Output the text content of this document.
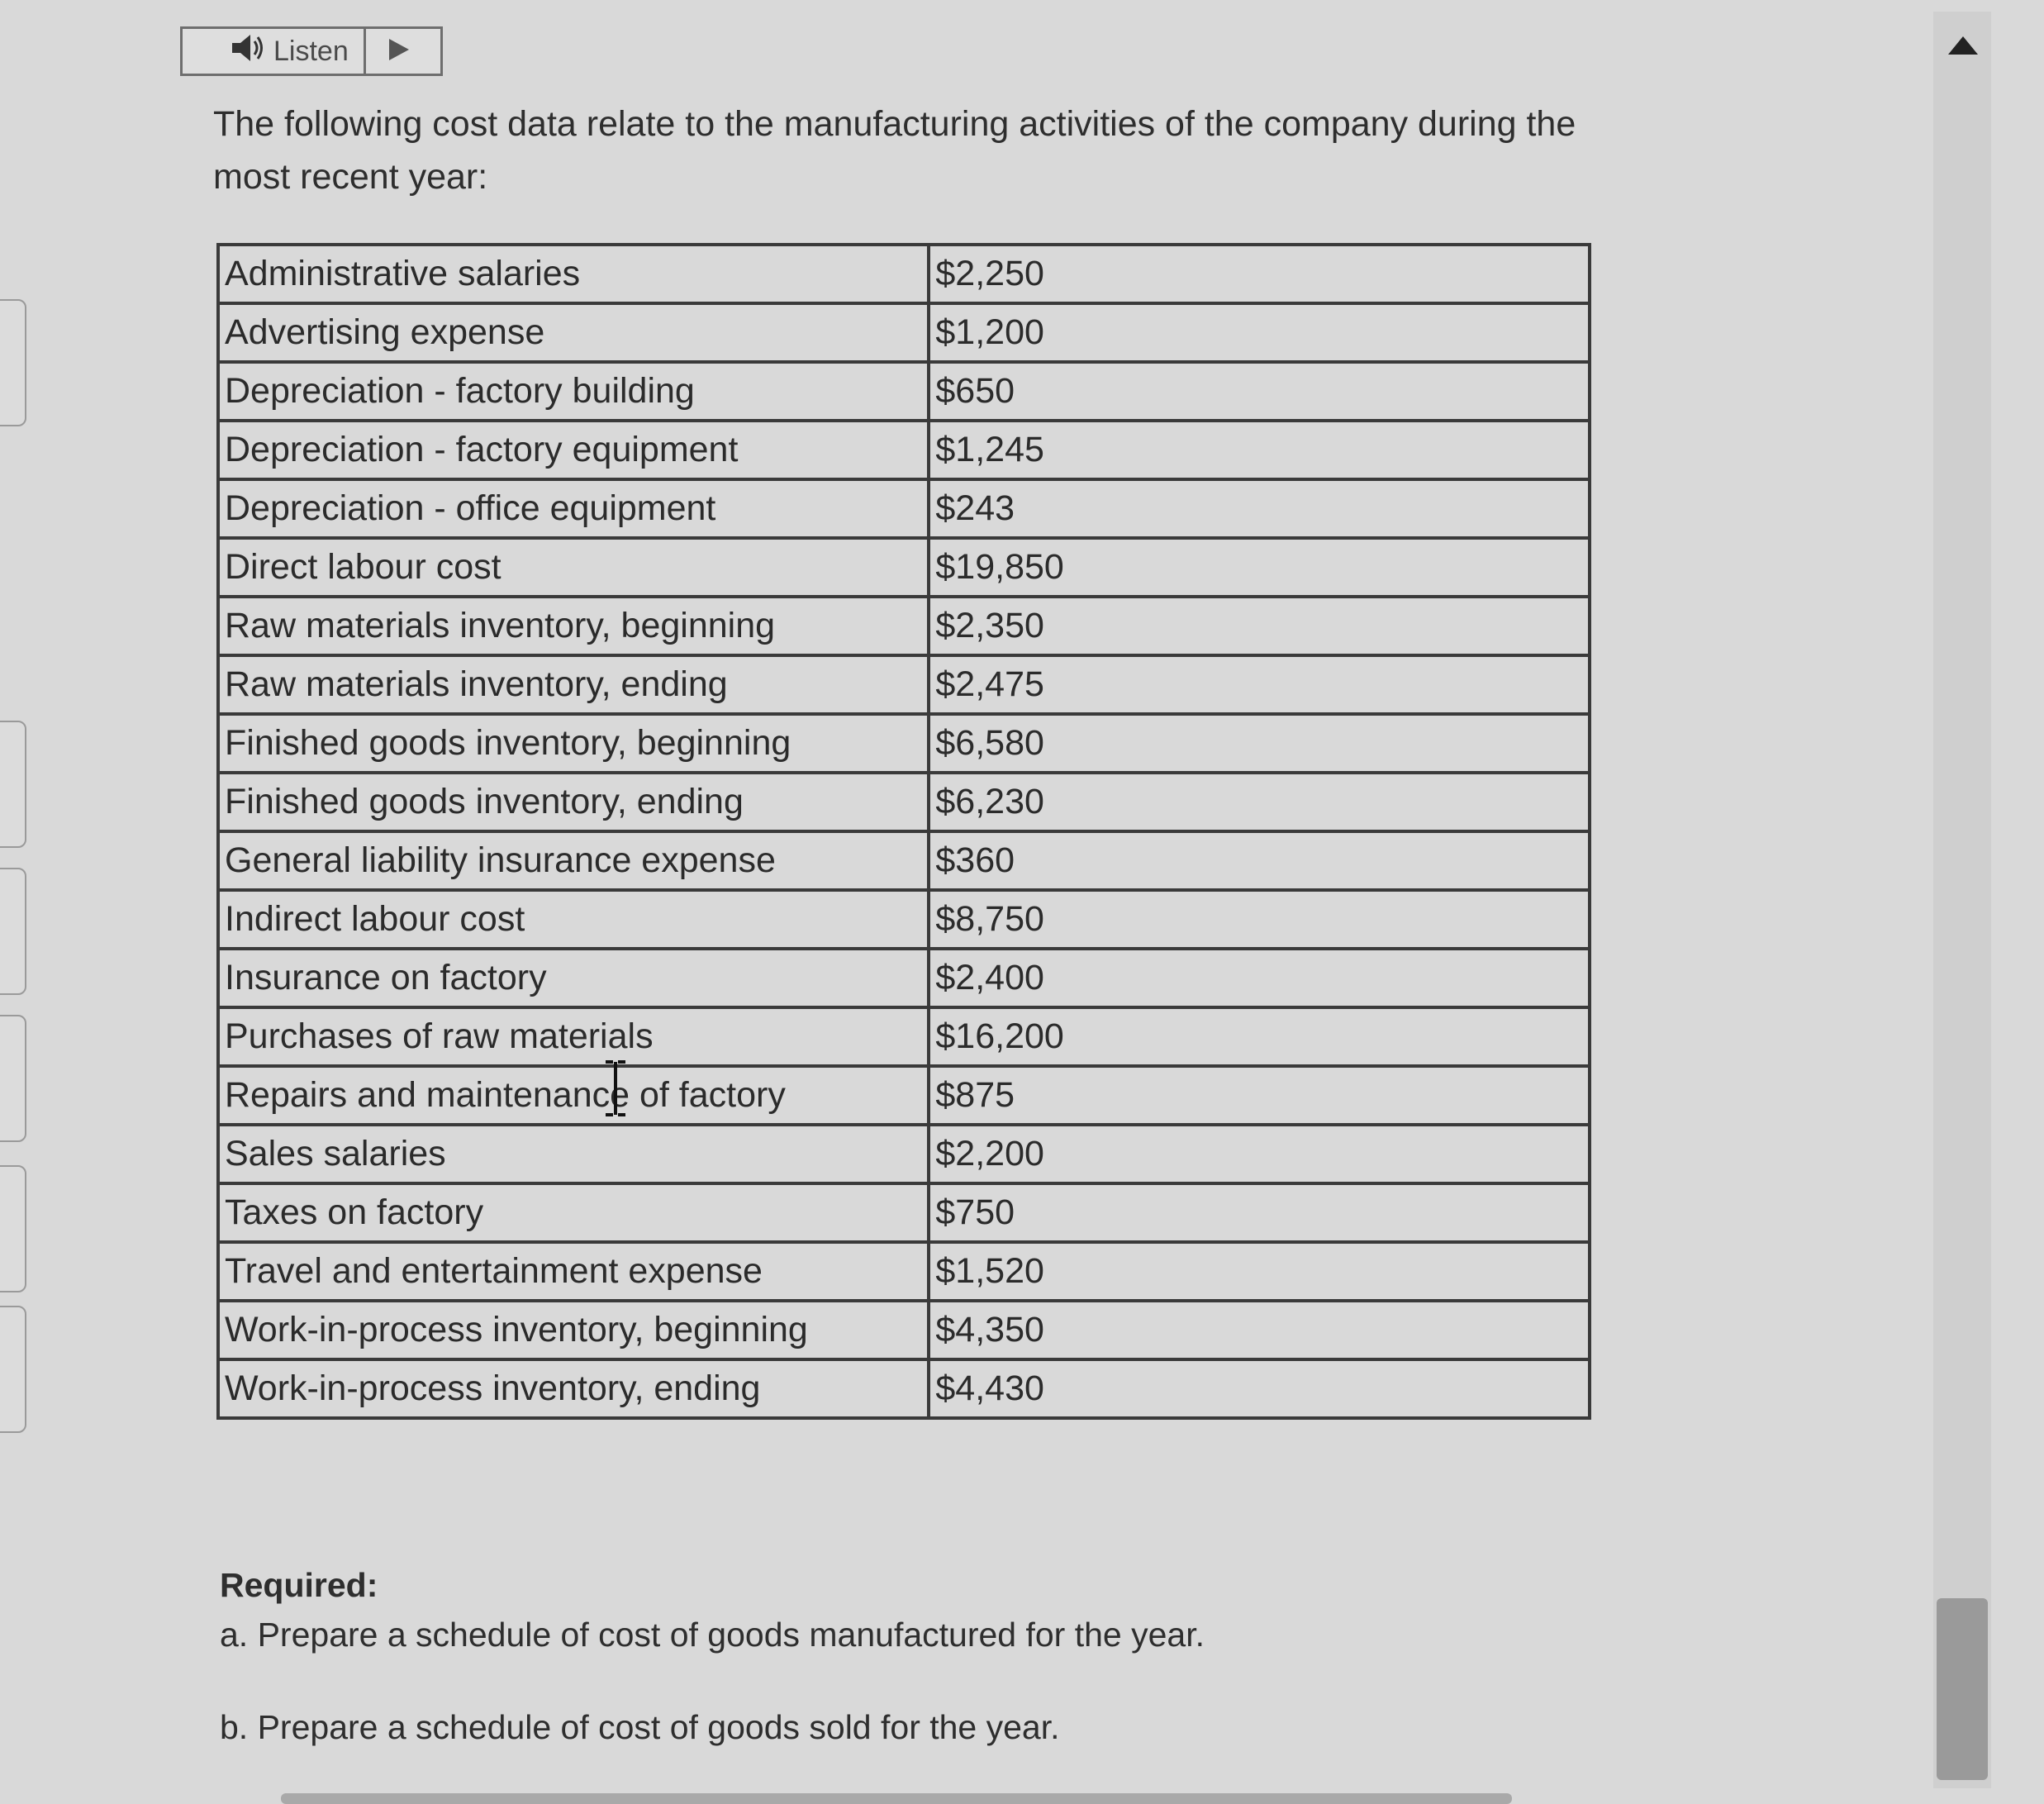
Listen
The following cost data relate to the manufacturing activities of the company during the most recent year:
Administrative salaries	$2,250
Advertising expense	$1,200
Depreciation - factory building	$650
Depreciation - factory equipment	$1,245
Depreciation - office equipment	$243
Direct labour cost	$19,850
Raw materials inventory, beginning	$2,350
Raw materials inventory, ending	$2,475
Finished goods inventory, beginning	$6,580
Finished goods inventory, ending	$6,230
General liability insurance expense	$360
Indirect labour cost	$8,750
Insurance on factory	$2,400
Purchases of raw materials	$16,200
Repairs and maintenance of factory	$875
Sales salaries	$2,200
Taxes on factory	$750
Travel and entertainment expense	$1,520
Work-in-process inventory, beginning	$4,350
Work-in-process inventory, ending	$4,430
Required:
a. Prepare a schedule of cost of goods manufactured for the year.
b. Prepare a schedule of cost of goods sold for the year.
